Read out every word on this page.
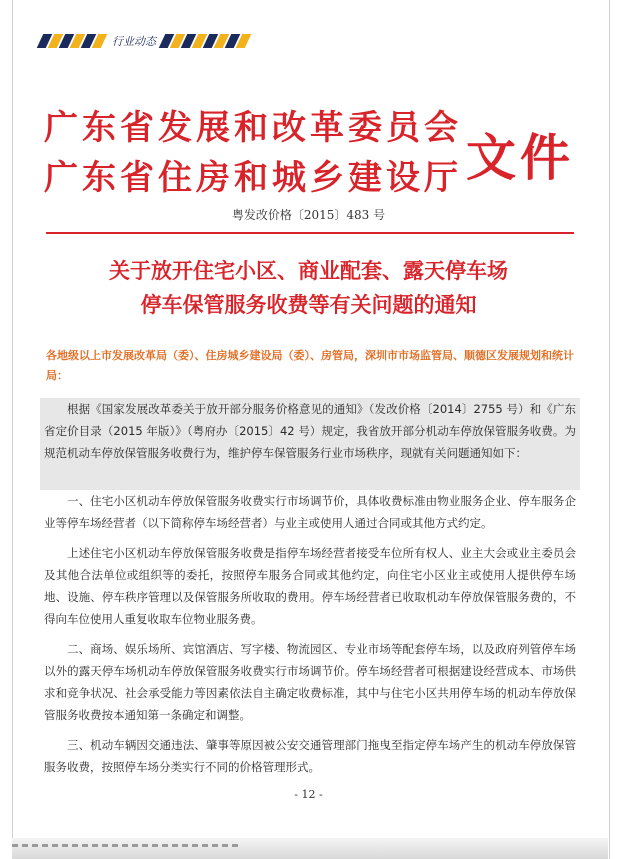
行业动态
广东省发展和改革委员会
广东省住房和城乡建设厅 文件
粤发改价格〔2015〕483 号
关于放开住宅小区、商业配套、露天停车场
停车保管服务收费等有关问题的通知
各地级以上市发展改革局（委）、住房城乡建设局（委）、房管局，深圳市市场监管局、顺德区发展规划和统计局：
根据《国家发展改革委关于放开部分服务价格意见的通知》（发改价格〔2014〕2755 号）和《广东省定价目录（2015 年版）》（粤府办〔2015〕42 号）规定，我省放开部分机动车停放保管服务收费。为规范机动车停放保管服务收费行为，维护停车保管服务行业市场秩序，现就有关问题通知如下：
一、住宅小区机动车停放保管服务收费实行市场调节价，具体收费标准由物业服务企业、停车服务企业等停车场经营者（以下简称停车场经营者）与业主或使用人通过合同或其他方式约定。
上述住宅小区机动车停放保管服务收费是指停车场经营者接受车位所有权人、业主大会或业主委员会及其他合法单位或组织等的委托，按照停车服务合同或其他约定，向住宅小区业主或使用人提供停车场地、设施、停车秩序管理以及保管服务所收取的费用。停车场经营者已收取机动车停放保管服务费的，不得向车位使用人重复收取车位物业服务费。
二、商场、娱乐场所、宾馆酒店、写字楼、物流园区、专业市场等配套停车场，以及政府列管停车场以外的露天停车场机动车停放保管服务收费实行市场调节价。停车场经营者可根据建设经营成本、市场供求和竞争状况、社会承受能力等因素依法自主确定收费标准，其中与住宅小区共用停车场的机动车停放保管服务收费按本通知第一条确定和调整。
三、机动车辆因交通违法、肇事等原因被公安交通管理部门拖曳至指定停车场产生的机动车停放保管服务收费，按照停车场分类实行不同的价格管理形式。
- 12 -
